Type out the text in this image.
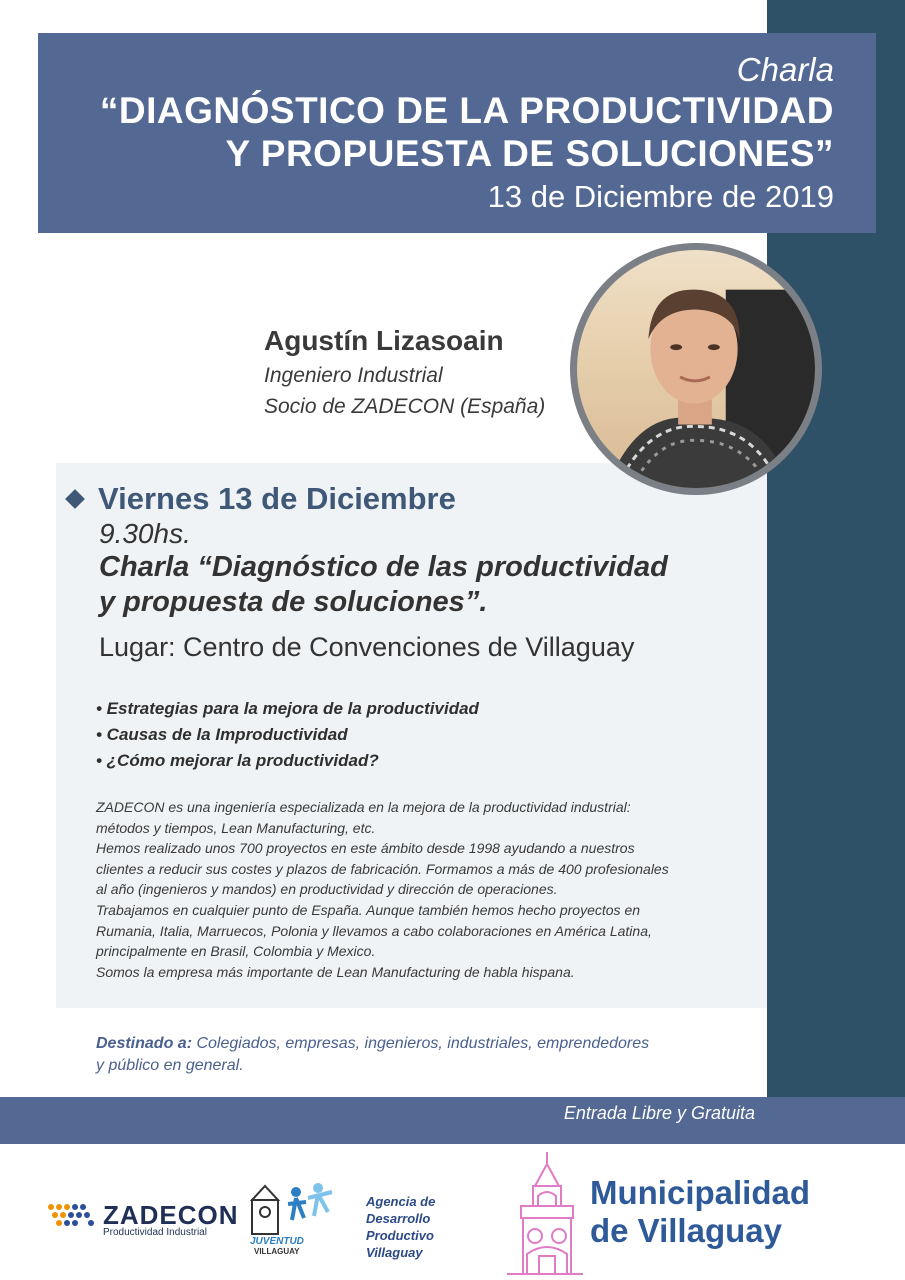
Charla
“DIAGNÓSTICO DE LA PRODUCTIVIDAD
Y PROPUESTA DE SOLUCIONES”
13 de Diciembre de 2019
Agustín Lizasoain
Ingeniero Industrial
Socio de ZADECON (España)
Viernes 13 de Diciembre
9.30hs.
Charla “Diagnóstico de las productividad
y propuesta de soluciones”.
Lugar: Centro de Convenciones de Villaguay
• Estrategias para la mejora de la productividad
• Causas de la Improductividad
• ¿Cómo mejorar la productividad?
ZADECON es una ingeniería especializada en la mejora de la productividad industrial:
métodos y tiempos, Lean Manufacturing, etc.
Hemos realizado unos 700 proyectos en este ámbito desde 1998 ayudando a nuestros
clientes a reducir sus costes y plazos de fabricación. Formamos a más de 400 profesionales
al año (ingenieros y mandos) en productividad y dirección de operaciones.
Trabajamos en cualquier punto de España. Aunque también hemos hecho proyectos en
Rumania, Italia, Marruecos, Polonia y llevamos a cabo colaboraciones en América Latina,
principalmente en Brasil, Colombia y Mexico.
Somos la empresa más importante de Lean Manufacturing de habla hispana.
Destinado a: Colegiados, empresas, ingenieros, industriales, emprendedores y público en general.
Entrada Libre y Gratuita
ZADECON
Productividad Industrial
JUVENTUD
VILLAGUAY
Agencia de
Desarrollo
Productivo
Villaguay
Municipalidad
de Villaguay
